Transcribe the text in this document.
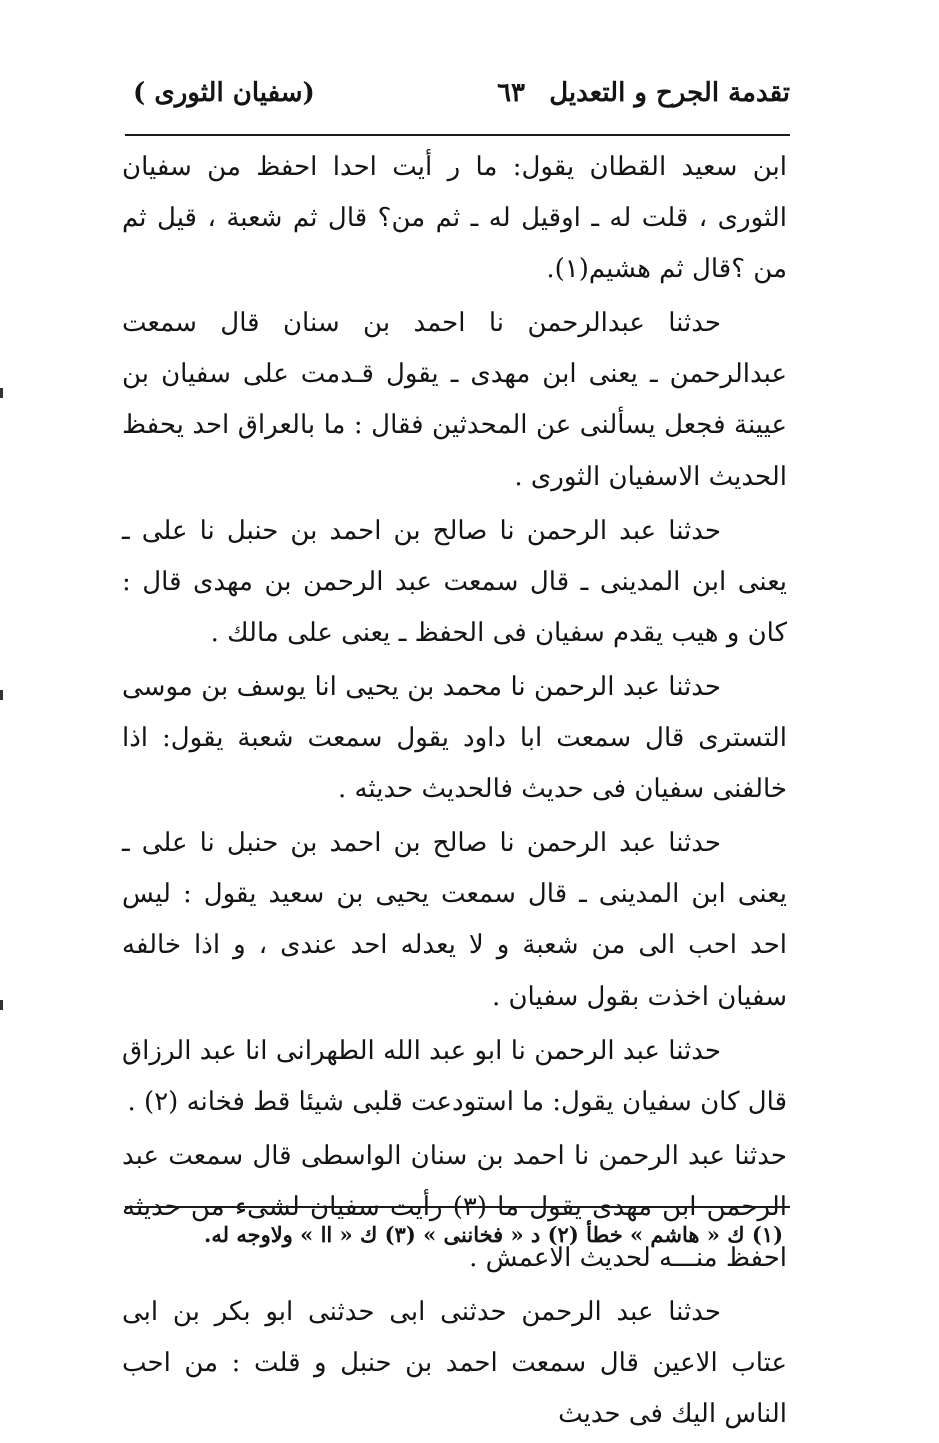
تقدمة الجرح و التعديل
٦٣
(سفيان الثورى )

ابن سعيد القطان يقول: ما ر أيت احدا احفظ من سفيان الثورى ، قلت له ـ اوقيل له ـ ثم من؟ قال ثم شعبة ، قيل ثم من ؟قال ثم هشيم(١).

حدثنا عبدالرحمن نا احمد بن سنان قال سمعت عبدالرحمن ـ يعنى ابن مهدى ـ يقول قـدمت على سفيان بن عيينة فجعل يسألنى عن المحدثين فقال : ما بالعراق احد يحفظ الحديث الاسفيان الثورى .

حدثنا عبد الرحمن نا صالح بن احمد بن حنبل نا على ـ يعنى ابن المدينى ـ قال سمعت عبد الرحمن بن مهدى قال : كان و هيب يقدم سفيان فى الحفظ ـ يعنى على مالك .

حدثنا عبد الرحمن نا محمد بن يحيى انا يوسف بن موسى التسترى قال سمعت ابا داود يقول سمعت شعبة يقول: اذا خالفنى سفيان فى حديث فالحديث حديثه .

حدثنا عبد الرحمن نا صالح بن احمد بن حنبل نا على ـ يعنى ابن المدينى ـ قال سمعت يحيى بن سعيد يقول : ليس احد احب الى من شعبة و لا يعدله احد عندى ، و اذا خالفه سفيان اخذت بقول سفيان .

حدثنا عبد الرحمن نا ابو عبد الله الطهرانى انا عبد الرزاق قال كان سفيان يقول: ما استودعت قلبى شيئا قط فخانه (٢) .

حدثنا عبد الرحمن نا احمد بن سنان الواسطى قال سمعت عبد الرحمن ابن مهدى يقول ما (٣) رأيت سفيان لشىء من حديثه احفظ منـــه لحديث الاعمش .

حدثنا عبد الرحمن حدثنى ابى حدثنى ابو بكر بن ابى عتاب الاعين قال سمعت احمد بن حنبل و قلت : من احب الناس اليك فى حديث

(١) ك « هاشم » خطأ (٢) د « فخاننى » (٣) ك « اا » ولاوجه له.
